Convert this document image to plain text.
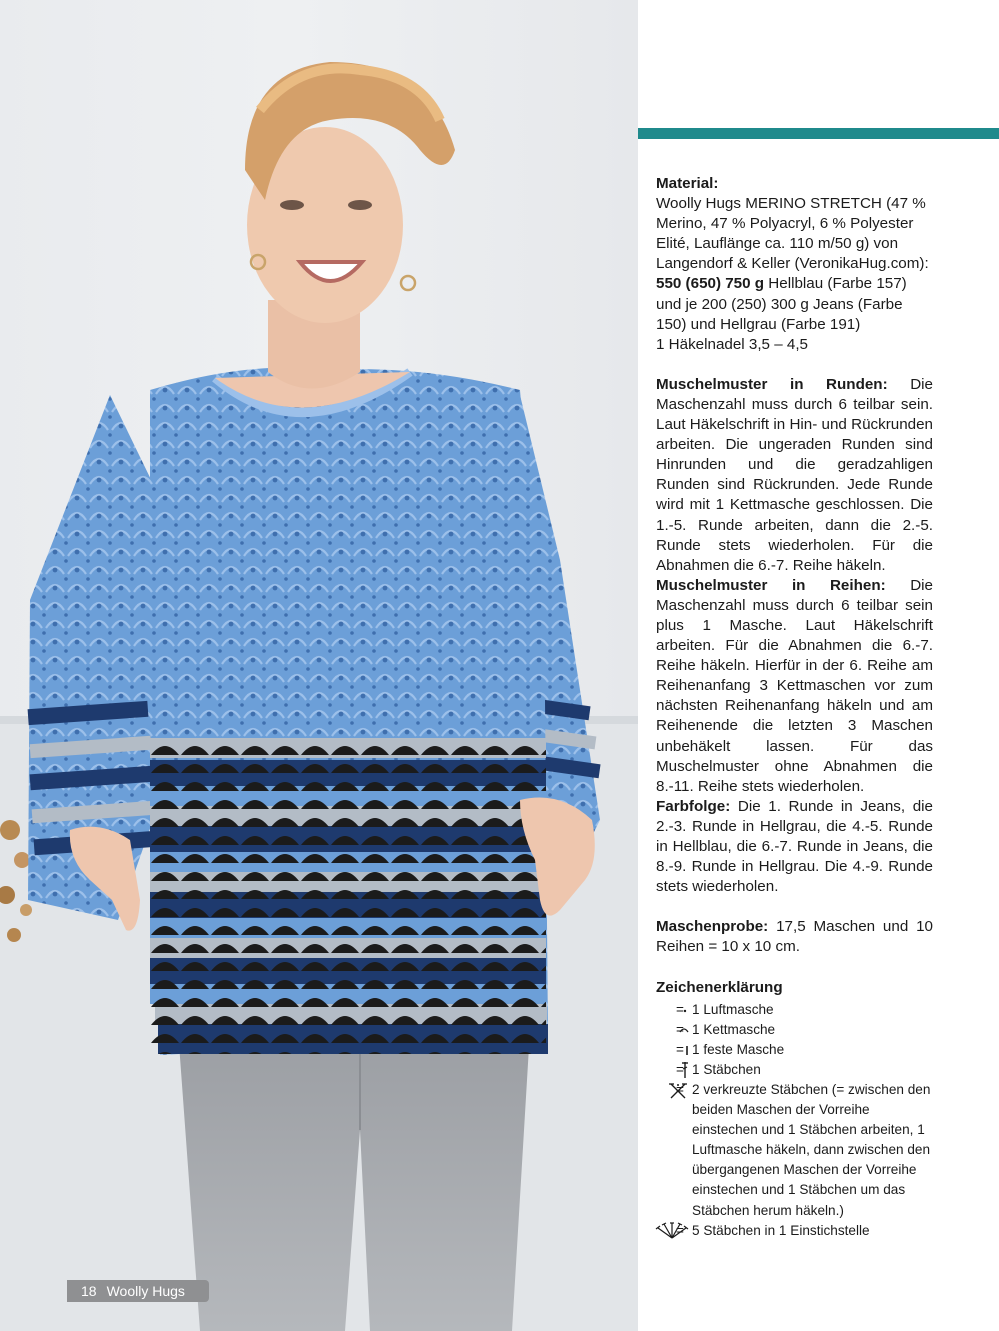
18 Woolly Hugs

Material:
Woolly Hugs MERINO STRETCH (47 % Merino, 47 % Polyacryl, 6 % Polyester Elité, Lauflänge ca. 110 m/50 g) von Langendorf & Keller (VeronikaHug.com):
550 (650) 750 g Hellblau (Farbe 157) und je 200 (250) 300 g Jeans (Farbe 150) und Hellgrau (Farbe 191)
1 Häkelnadel 3,5 – 4,5

Muschelmuster in Runden: Die Maschenzahl muss durch 6 teilbar sein. Laut Häkelschrift in Hin- und Rückrunden arbeiten. Die ungeraden Runden sind Hinrunden und die geradzahligen Runden sind Rückrunden. Jede Runde wird mit 1 Kettmasche geschlossen. Die 1.-5. Runde arbeiten, dann die 2.-5. Runde stets wiederholen. Für die Abnahmen die 6.-7. Reihe häkeln.

Muschelmuster in Reihen: Die Maschenzahl muss durch 6 teilbar sein plus 1 Masche. Laut Häkelschrift arbeiten. Für die Abnahmen die 6.-7. Reihe häkeln. Hierfür in der 6. Reihe am Reihenanfang 3 Kettmaschen vor zum nächsten Reihenanfang häkeln und am Reihenende die letzten 3 Maschen unbehäkelt lassen. Für das Muschelmuster ohne Abnahmen die 8.-11. Reihe stets wiederholen.

Farbfolge: Die 1. Runde in Jeans, die 2.-3. Runde in Hellgrau, die 4.-5. Runde in Hellblau, die 6.-7. Runde in Jeans, die 8.-9. Runde in Hellgrau. Die 4.-9. Runde stets wiederholen.

Maschenprobe: 17,5 Maschen und 10 Reihen = 10 x 10 cm.

Zeichenerklärung
= 1 Luftmasche
= 1 Kettmasche
= 1 feste Masche
= 1 Stäbchen
= 2 verkreuzte Stäbchen (= zwischen den beiden Maschen der Vorreihe einstechen und 1 Stäbchen arbeiten, 1 Luftmasche häkeln, dann zwischen den übergangenen Maschen der Vorreihe einstechen und 1 Stäbchen um das Stäbchen herum häkeln.)
= 5 Stäbchen in 1 Einstichstelle
